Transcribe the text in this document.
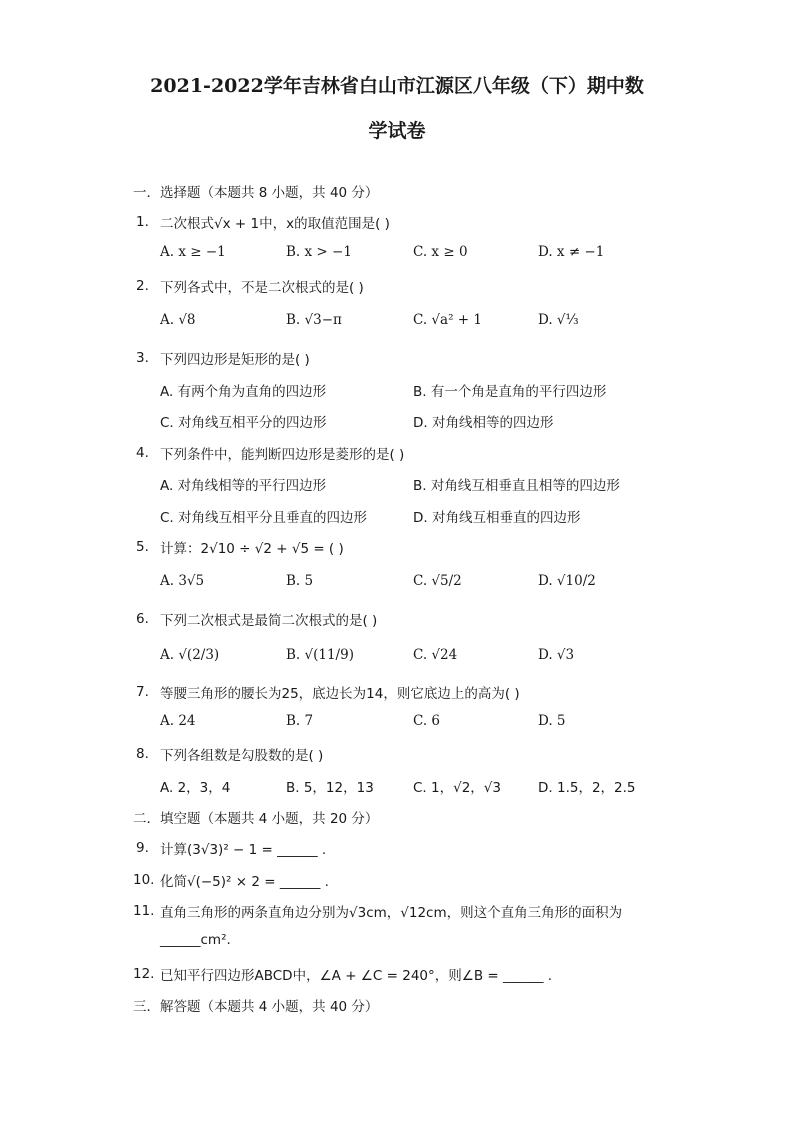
2021-2022学年吉林省白山市江源区八年级（下）期中数
学试卷
一．选择题（本题共 8 小题，共 40 分）
1. 二次根式√x + 1中，x的取值范围是( )
A. x ≥ −1	B. x > −1	C. x ≥ 0	D. x ≠ −1
2. 下列各式中，不是二次根式的是( )
A. √8	B. √3−π	C. √a² + 1	D. √⅓
3. 下列四边形是矩形的是( )
A. 有两个角为直角的四边形	B. 有一个角是直角的平行四边形
C. 对角线互相平分的四边形	D. 对角线相等的四边形
4. 下列条件中，能判断四边形是菱形的是( )
A. 对角线相等的平行四边形	B. 对角线互相垂直且相等的四边形
C. 对角线互相平分且垂直的四边形	D. 对角线互相垂直的四边形
5. 计算：2√10 ÷ √2 + √5 = ( )
A. 3√5	B. 5	C. √5/2	D. √10/2
6. 下列二次根式是最简二次根式的是( )
A. √(2/3)	B. √(11/9)	C. √24	D. √3
7. 等腰三角形的腰长为25，底边长为14，则它底边上的高为( )
A. 24	B. 7	C. 6	D. 5
8. 下列各组数是勾股数的是( )
A. 2，3，4	B. 5，12，13	C. 1，√2，√3	D. 1.5，2，2.5
二．填空题（本题共 4 小题，共 20 分）
9. 计算(3√3)² − 1 = ______ .
10. 化简√(−5)² × 2 = ______ .
11. 直角三角形的两条直角边分别为√3cm，√12cm，则这个直角三角形的面积为
______cm².
12. 已知平行四边形ABCD中，∠A + ∠C = 240°，则∠B = ______ .
三．解答题（本题共 4 小题，共 40 分）
